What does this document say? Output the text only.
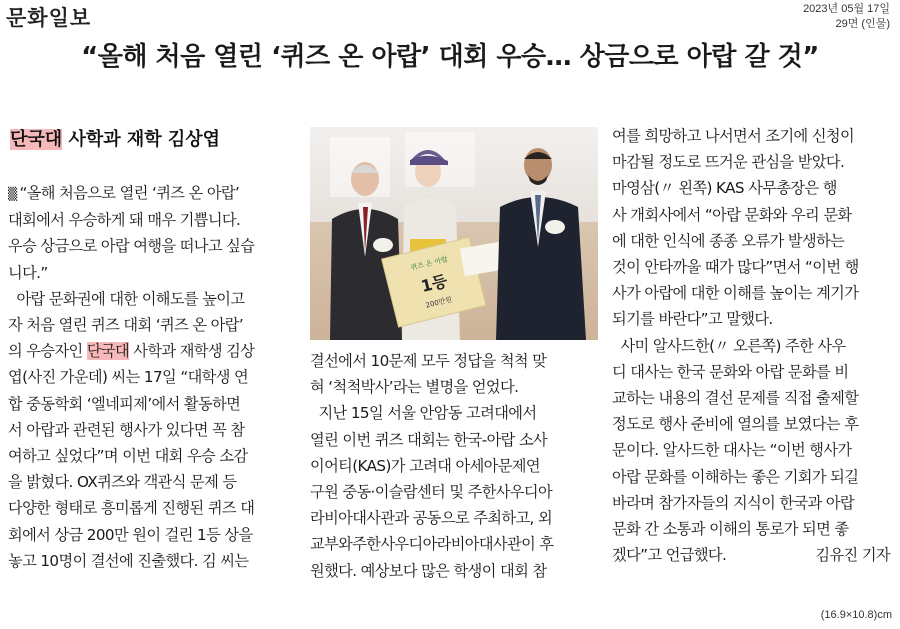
문화일보	2023년 05월 17일
29면 (인물)
“올해 처음 열린 ‘퀴즈 온 아랍’ 대회 우승… 상금으로 아랍 갈 것”
단국대 사학과 재학 김상엽
▒ “올해 처음으로 열린 ‘퀴즈 온 아랍’
대회에서 우승하게 돼 매우 기쁩니다.
우승 상금으로 아랍 여행을 떠나고 싶습
니다.”
아랍 문화권에 대한 이해도를 높이고
자 처음 열린 퀴즈 대회 ‘퀴즈 온 아랍’
의 우승자인 단국대 사학과 재학생 김상
엽(사진 가운데) 씨는 17일 “대학생 연
합 중동학회 ‘엘네피제’에서 활동하면
서 아랍과 관련된 행사가 있다면 꼭 참
여하고 싶었다”며 이번 대회 우승 소감
을 밝혔다. OX퀴즈와 객관식 문제 등
다양한 형태로 흥미롭게 진행된 퀴즈 대
회에서 상금 200만 원이 걸린 1등 상을
놓고 10명이 결선에 진출했다. 김 씨는
퀴즈 온 아랍
1등
200만원
결선에서 10문제 모두 정답을 척척 맞
혀 ‘척척박사’라는 별명을 얻었다.
지난 15일 서울 안암동 고려대에서
열린 이번 퀴즈 대회는 한국-아랍 소사
이어티(KAS)가 고려대 아세아문제연
구원 중동·이슬람센터 및 주한사우디아
라비아대사관과 공동으로 주최하고, 외
교부와주한사우디아라비아대사관이 후
원했다. 예상보다 많은 학생이 대회 참
여를 희망하고 나서면서 조기에 신청이
마감될 정도로 뜨거운 관심을 받았다.
마영삼(〃 왼쪽) KAS 사무총장은 행
사 개회사에서 “아랍 문화와 우리 문화
에 대한 인식에 종종 오류가 발생하는
것이 안타까울 때가 많다”면서 “이번 행
사가 아랍에 대한 이해를 높이는 계기가
되기를 바란다”고 말했다.
사미 알사드한(〃 오른쪽) 주한 사우
디 대사는 한국 문화와 아랍 문화를 비
교하는 내용의 결선 문제를 직접 출제할
정도로 행사 준비에 열의를 보였다는 후
문이다. 알사드한 대사는 “이번 행사가
아랍 문화를 이해하는 좋은 기회가 되길
바라며 참가자들의 지식이 한국과 아랍
문화 간 소통과 이해의 통로가 되면 좋
겠다”고 언급했다.	김유진 기자
(16.9×10.8)cm
